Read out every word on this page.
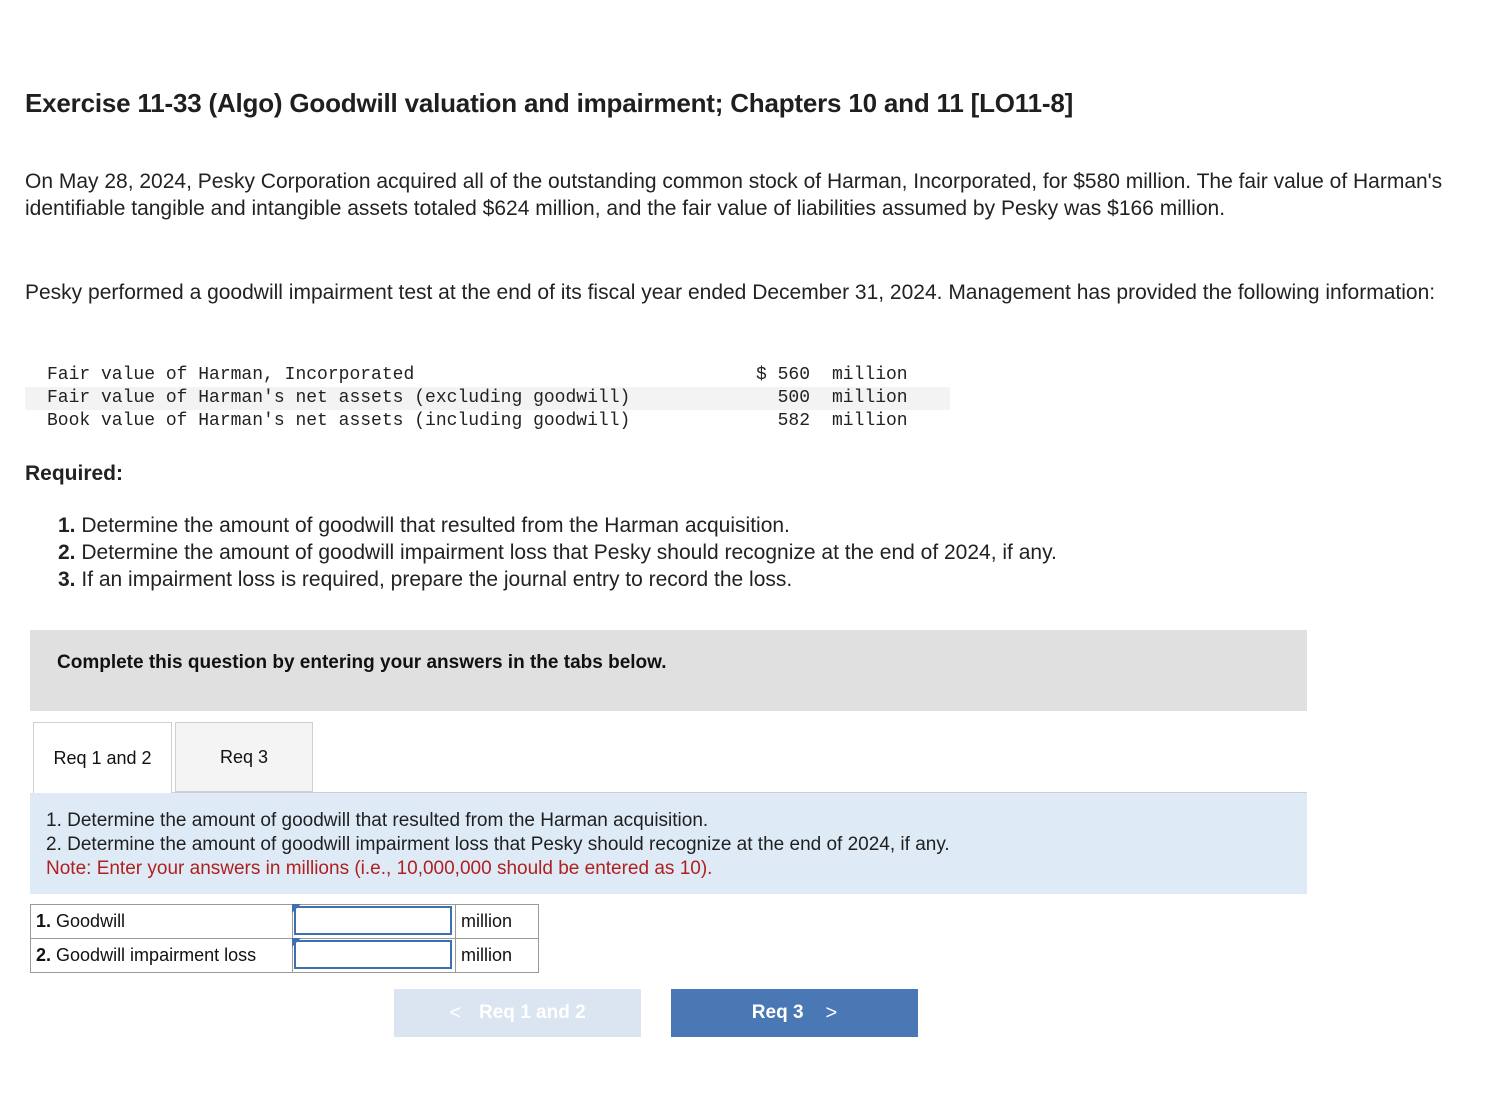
Exercise 11-33 (Algo) Goodwill valuation and impairment; Chapters 10 and 11 [LO11-8]

On May 28, 2024, Pesky Corporation acquired all of the outstanding common stock of Harman, Incorporated, for $580 million. The fair value of Harman's identifiable tangible and intangible assets totaled $624 million, and the fair value of liabilities assumed by Pesky was $166 million.

Pesky performed a goodwill impairment test at the end of its fiscal year ended December 31, 2024. Management has provided the following information:

Fair value of Harman, Incorporated	$ 560	million
Fair value of Harman's net assets (excluding goodwill)	500	million
Book value of Harman's net assets (including goodwill)	582	million
Required:
1. Determine the amount of goodwill that resulted from the Harman acquisition.
2. Determine the amount of goodwill impairment loss that Pesky should recognize at the end of 2024, if any.
3. If an impairment loss is required, prepare the journal entry to record the loss.
Complete this question by entering your answers in the tabs below.
Req 1 and 2	Req 3
1. Determine the amount of goodwill that resulted from the Harman acquisition.
2. Determine the amount of goodwill impairment loss that Pesky should recognize at the end of 2024, if any.
Note: Enter your answers in millions (i.e., 10,000,000 should be entered as 10).
1. Goodwill		million
2. Goodwill impairment loss		million
< Req 1 and 2	Req 3 >
